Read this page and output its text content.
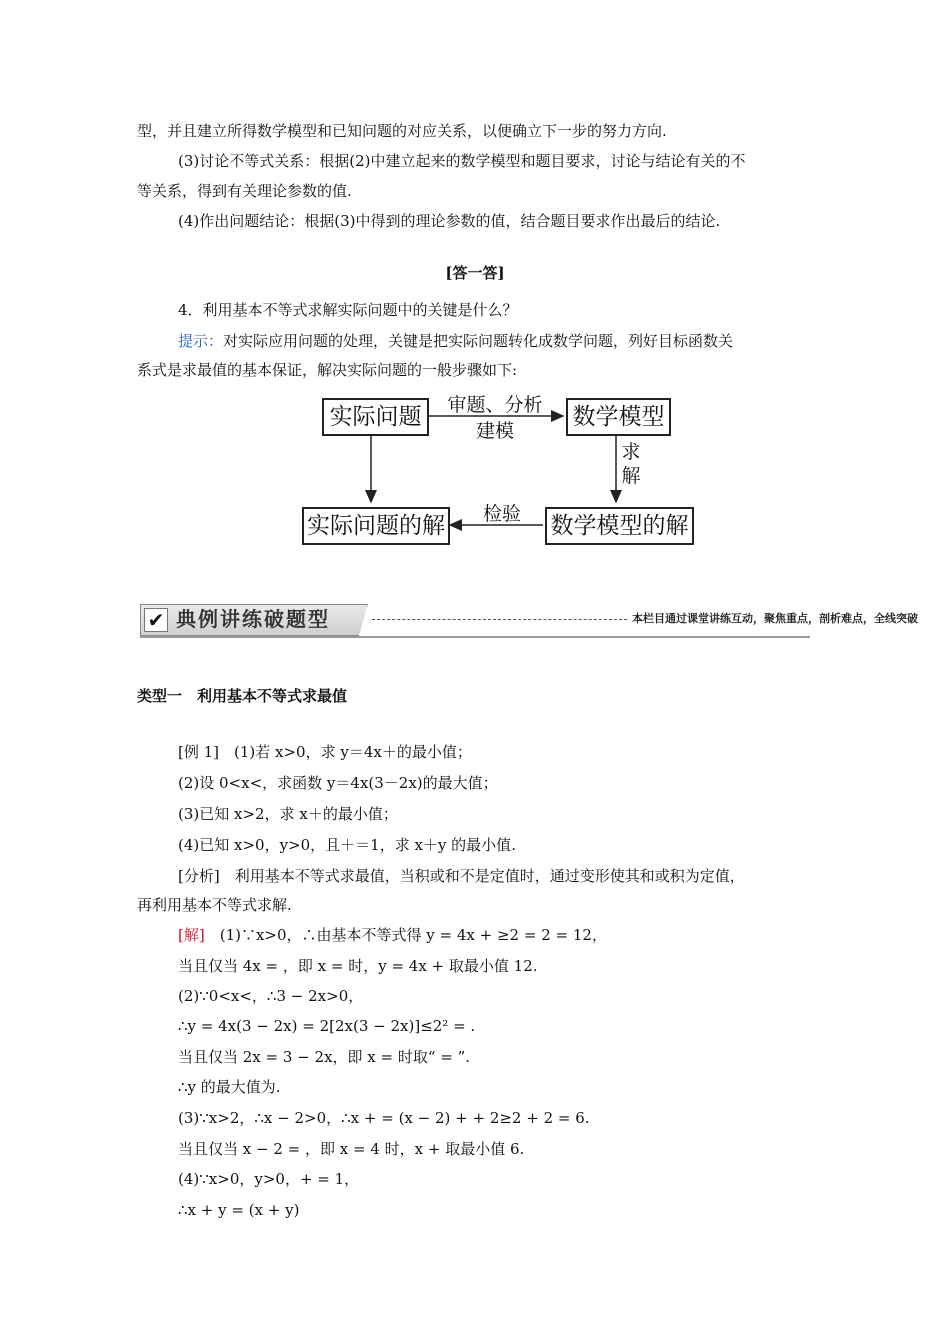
型，并且建立所得数学模型和已知问题的对应关系，以便确立下一步的努力方向.
(3)讨论不等式关系：根据(2)中建立起来的数学模型和题目要求，讨论与结论有关的不
等关系，得到有关理论参数的值.
(4)作出问题结论：根据(3)中得到的理论参数的值，结合题目要求作出最后的结论.
[答一答]
4．利用基本不等式求解实际问题中的关键是什么？
提示：对实际应用问题的处理，关键是把实际问题转化成数学问题，列好目标函数关
系式是求最值的基本保证，解决实际问题的一般步骤如下:
实际问题	数学模型
实际问题的解	数学模型的解
审题、分析
建模
求
解
检验
✔ 典例讲练破题型	本栏目通过课堂讲练互动，聚焦重点，剖析难点，全线突破
类型一　利用基本不等式求最值
[例 1]　(1)若 x>0，求 y＝4x＋的最小值；
(2)设 0<x<，求函数 y＝4x(3－2x)的最大值；
(3)已知 x>2，求 x＋的最小值；
(4)已知 x>0，y>0，且＋＝1，求 x＋y 的最小值.
[分析]　利用基本不等式求最值，当积或和不是定值时，通过变形使其和或积为定值，
再利用基本不等式求解.
[解]　(1)∵x>0，∴由基本不等式得 y = 4x + ≥2 = 2 = 12，
当且仅当 4x = ，即 x = 时，y = 4x + 取最小值 12.
(2)∵0<x<，∴3 − 2x>0，
∴y = 4x(3 − 2x) = 2[2x(3 − 2x)]≤2² = .
当且仅当 2x = 3 − 2x，即 x = 时取“ = ”.
∴y 的最大值为.
(3)∵x>2，∴x − 2>0，∴x + = (x − 2) + + 2≥2 + 2 = 6.
当且仅当 x − 2 = ，即 x = 4 时，x + 取最小值 6.
(4)∵x>0，y>0，+ = 1，
∴x + y = (x + y)
